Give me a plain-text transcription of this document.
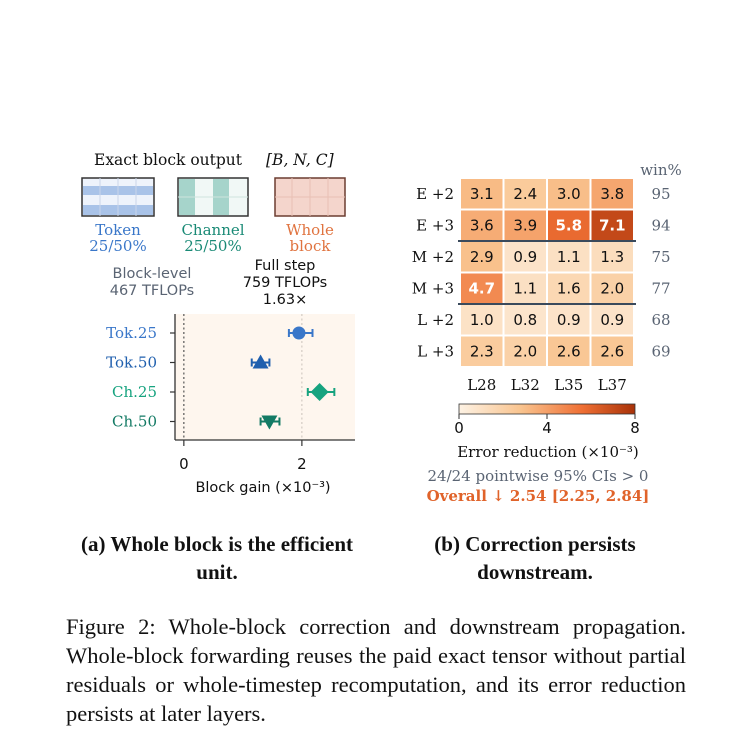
Exact block output [B, N, C]
Token
25/50%
Channel
25/50%
Whole
block
Block-level
467 TFLOPs
Full step
759 TFLOPs
1.63×
Tok.25
Tok.50
Ch.25
Ch.50
0	2
Block gain (×10⁻³)
win%
E +2 3.1 2.4 3.0 3.8 95
E +3 3.6 3.9 5.8 7.1 94
M +2 2.9 0.9 1.1 1.3 75
M +3 4.7 1.1 1.6 2.0 77
L +2 1.0 0.8 0.9 0.9 68
L +3 2.3 2.0 2.6 2.6 69
L28 L32 L35 L37
0	4	8
Error reduction (×10⁻³)
24/24 pointwise 95% CIs > 0
Overall ↓ 2.54 [2.25, 2.84]
(a) Whole block is the efficient unit.
(b) Correction persists downstream.
Figure 2: Whole-block correction and downstream propagation. Whole-block forwarding reuses the paid exact tensor without partial residuals or whole-timestep recomputation, and its error reduction persists at later layers.
